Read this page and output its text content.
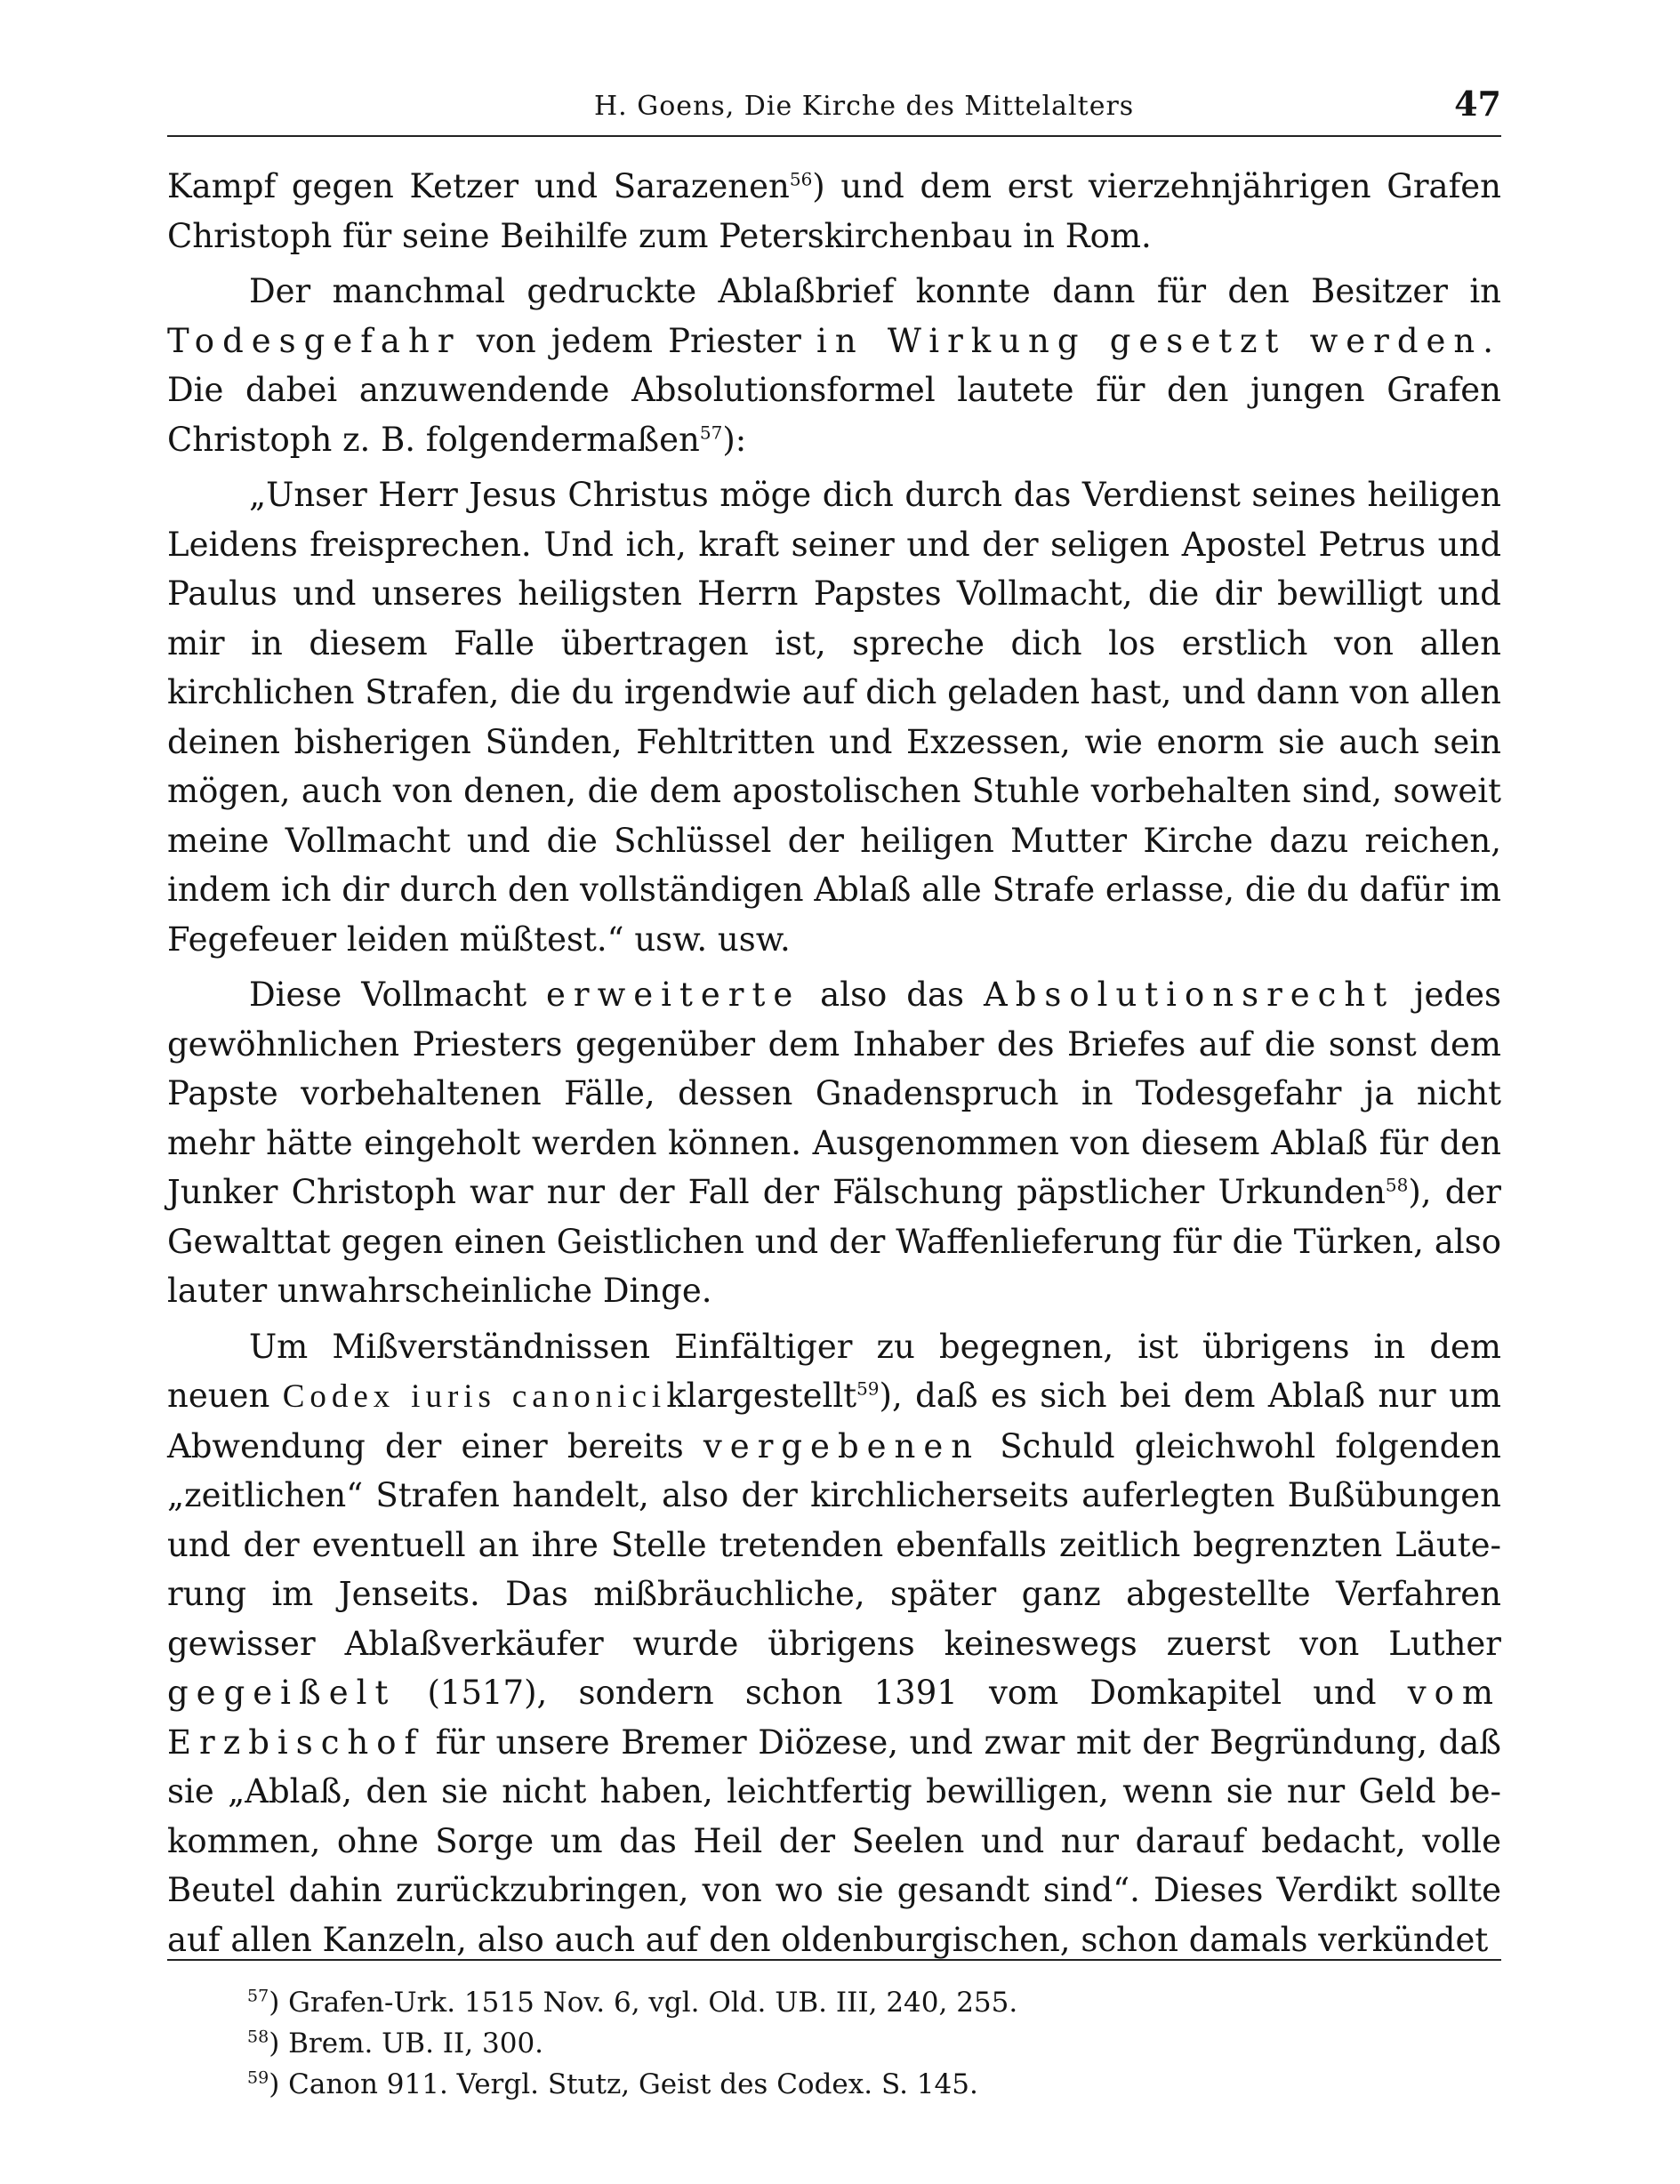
H. Goens, Die Kirche des Mittelalters	47

Kampf gegen Ketzer und Sarazenen$^{56}$) und dem erst vierzehnjährigen Grafen Christoph für seine Beihilfe zum Peterskirchenbau in Rom.

Der manchmal gedruckte Ablaßbrief konnte dann für den Besitzer in Todesgefahr von jedem Priester in Wirkung gesetzt werden. Die dabei anzuwendende Absolutionsformel lautete für den jungen Grafen Christoph z. B. folgendermaßen$^{57}$):

„Unser Herr Jesus Christus möge dich durch das Verdienst seines heiligen Leidens freisprechen. Und ich, kraft seiner und der seligen Apostel Petrus und Paulus und unseres heiligsten Herrn Papstes Vollmacht, die dir bewilligt und mir in diesem Falle übertragen ist, spreche dich los erstlich von allen kirchlichen Strafen, die du irgendwie auf dich geladen hast, und dann von allen deinen bisherigen Sünden, Fehltritten und Exzessen, wie enorm sie auch sein mögen, auch von denen, die dem apostolischen Stuhle vorbehalten sind, soweit meine Vollmacht und die Schlüssel der heiligen Mutter Kirche dazu reichen, indem ich dir durch den vollständigen Ablaß alle Strafe erlasse, die du dafür im Fegefeuer leiden müßtest.“ usw. usw.

Diese Vollmacht erweiterte also das Absolutionsrecht jedes gewöhnlichen Priesters gegenüber dem Inhaber des Briefes auf die sonst dem Papste vorbehaltenen Fälle, dessen Gnadenspruch in Todesgefahr ja nicht mehr hätte eingeholt werden können. Ausgenommen von diesem Ablaß für den Junker Christoph war nur der Fall der Fälschung päpstlicher Urkunden$^{58}$), der Gewalttat gegen einen Geistlichen und der Waffenlieferung für die Türken, also lauter unwahrscheinliche Dinge.

Um Mißverständnissen Einfältiger zu begegnen, ist übrigens in dem neuen Codex iuris canoniciklargestellt$^{59}$), daß es sich bei dem Ablaß nur um Abwendung der einer bereits vergebenen Schuld gleichwohl folgenden „zeitlichen“ Strafen handelt, also der kirchlicherseits auferlegten Bußübungen und der eventuell an ihre Stelle tretenden ebenfalls zeitlich begrenzten Läute-rung im Jenseits. Das mißbräuchliche, später ganz abgestellte Verfahren gewisser Ablaßverkäufer wurde übrigens keineswegs zuerst von Luther gegeißelt (1517), sondern schon 1391 vom Domkapitel und vom Erzbischof für unsere Bremer Diözese, und zwar mit der Begründung, daß sie „Ablaß, den sie nicht haben, leichtfertig bewilligen, wenn sie nur Geld be-kommen, ohne Sorge um das Heil der Seelen und nur darauf bedacht, volle Beutel dahin zurückzubringen, von wo sie gesandt sind“. Dieses Verdikt sollte auf allen Kanzeln, also auch auf den oldenburgischen, schon damals verkündet

$^{57}$) Grafen-Urk. 1515 Nov. 6, vgl. Old. UB. III, 240, 255.
$^{58}$) Brem. UB. II, 300.
$^{59}$) Canon 911. Vergl. Stutz, Geist des Codex. S. 145.
